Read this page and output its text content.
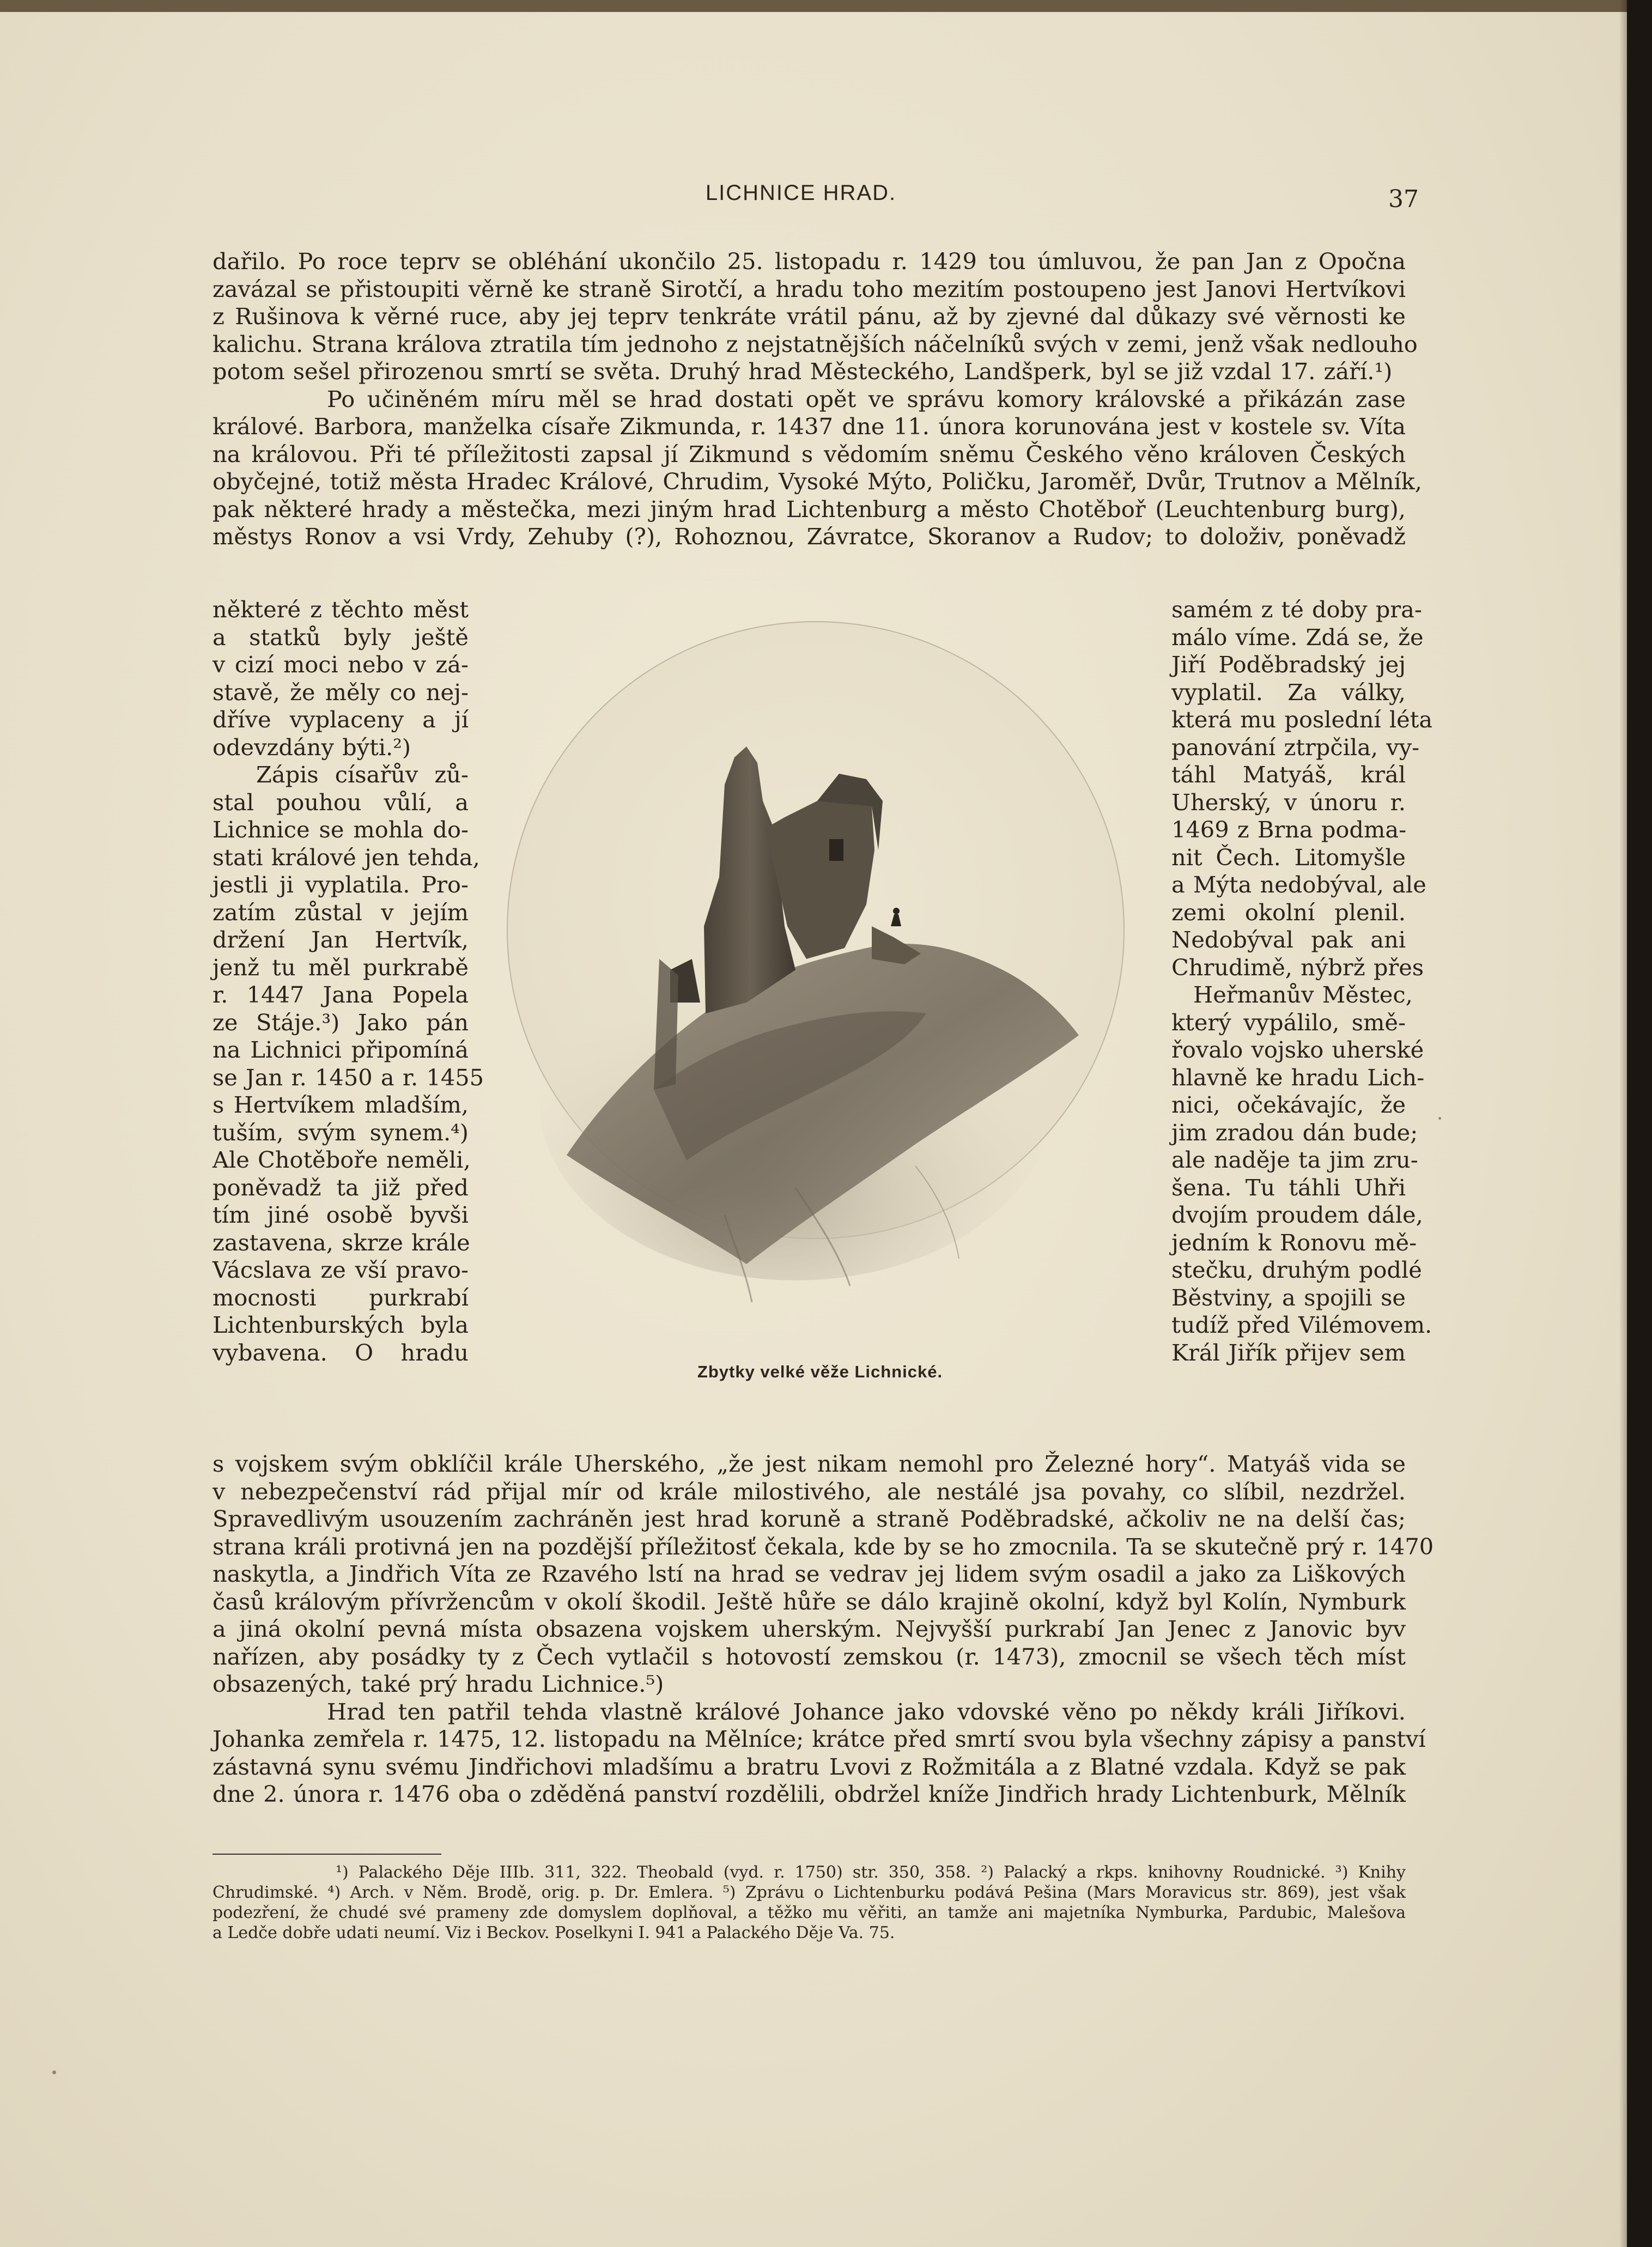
LICHNICE HRAD.	37
dařilo. Po roce teprv se obléhání ukončilo 25. listopadu r. 1429 tou úmluvou, že pan Jan z Opočna
zavázal se přistoupiti věrně ke straně Sirotčí, a hradu toho mezitím postoupeno jest Janovi Hertvíkovi
z Rušinova k věrné ruce, aby jej teprv tenkráte vrátil pánu, až by zjevné dal důkazy své věrnosti ke
kalichu. Strana králova ztratila tím jednoho z nejstatnějších náčelníků svých v zemi, jenž však nedlouho
potom sešel přirozenou smrtí se světa. Druhý hrad Městeckého, Landšperk, byl se již vzdal 17. září.¹)
Po učiněném míru měl se hrad dostati opět ve správu komory královské a přikázán zase
králové. Barbora, manželka císaře Zikmunda, r. 1437 dne 11. února korunována jest v kostele sv. Víta
na královou. Při té příležitosti zapsal jí Zikmund s vědomím sněmu Českého věno královen Českých
obyčejné, totiž města Hradec Králové, Chrudim, Vysoké Mýto, Poličku, Jaroměř, Dvůr, Trutnov a Mělník,
pak některé hrady a městečka, mezi jiným hrad Lichtenburg a město Chotěboř (Leuchtenburg burg),
městys Ronov a vsi Vrdy, Zehuby (?), Rohoznou, Závratce, Skoranov a Rudov; to doloživ, poněvadž
některé z těchto měst
a statků byly ještě
v cizí moci nebo v zá-
stavě, že měly co nej-
dříve vyplaceny a jí
odevzdány býti.²)
Zápis císařův zů-
stal pouhou vůlí, a
Lichnice se mohla do-
stati králové jen tehda,
jestli ji vyplatila. Pro-
zatím zůstal v jejím
držení Jan Hertvík,
jenž tu měl purkrabě
r. 1447 Jana Popela
ze Stáje.³) Jako pán
na Lichnici připomíná
se Jan r. 1450 a r. 1455
s Hertvíkem mladším,
tuším, svým synem.⁴)
Ale Chotěboře neměli,
poněvadž ta již před
tím jiné osobě byvši
zastavena, skrze krále
Vácslava ze vší pravo-
mocnosti purkrabí
Lichtenburských byla
vybavena. O hradu
Zbytky velké věže Lichnické.
samém z té doby pra-
málo víme. Zdá se, že
Jiří Poděbradský jej
vyplatil. Za války,
která mu poslední léta
panování ztrpčila, vy-
táhl Matyáš, král
Uherský, v únoru r.
1469 z Brna podma-
nit Čech. Litomyšle
a Mýta nedobýval, ale
zemi okolní plenil.
Nedobýval pak ani
Chrudimě, nýbrž přes
Heřmanův Městec,
který vypálilo, smě-
řovalo vojsko uherské
hlavně ke hradu Lich-
nici, očekávajíc, že
jim zradou dán bude;
ale naděje ta jim zru-
šena. Tu táhli Uhři
dvojím proudem dále,
jedním k Ronovu mě-
stečku, druhým podlé
Běstviny, a spojili se
tudíž před Vilémovem.
Král Jiřík přijev sem
s vojskem svým obklíčil krále Uherského, „že jest nikam nemohl pro Železné hory“. Matyáš vida se
v nebezpečenství rád přijal mír od krále milostivého, ale nestálé jsa povahy, co slíbil, nezdržel.
Spravedlivým usouzením zachráněn jest hrad koruně a straně Poděbradské, ačkoliv ne na delší čas;
strana králi protivná jen na pozdější příležitosť čekala, kde by se ho zmocnila. Ta se skutečně prý r. 1470
naskytla, a Jindřich Víta ze Rzavého lstí na hrad se vedrav jej lidem svým osadil a jako za Liškových
časů královým přívržencům v okolí škodil. Ještě hůře se dálo krajině okolní, když byl Kolín, Nymburk
a jiná okolní pevná místa obsazena vojskem uherským. Nejvyšší purkrabí Jan Jenec z Janovic byv
nařízen, aby posádky ty z Čech vytlačil s hotovostí zemskou (r. 1473), zmocnil se všech těch míst
obsazených, také prý hradu Lichnice.⁵)
Hrad ten patřil tehda vlastně králové Johance jako vdovské věno po někdy králi Jiříkovi.
Johanka zemřela r. 1475, 12. listopadu na Mělníce; krátce před smrtí svou byla všechny zápisy a panství
zástavná synu svému Jindřichovi mladšímu a bratru Lvovi z Rožmitála a z Blatné vzdala. Když se pak
dne 2. února r. 1476 oba o zděděná panství rozdělili, obdržel kníže Jindřich hrady Lichtenburk, Mělník
¹) Palackého Děje IIIb. 311, 322. Theobald (vyd. r. 1750) str. 350, 358. ²) Palacký a rkps. knihovny Roudnické. ³) Knihy
Chrudimské. ⁴) Arch. v Něm. Brodě, orig. p. Dr. Emlera. ⁵) Zprávu o Lichtenburku podává Pešina (Mars Moravicus str. 869), jest však
podezření, že chudé své prameny zde domyslem doplňoval, a těžko mu věřiti, an tamže ani majetníka Nymburka, Pardubic, Malešova
a Ledče dobře udati neumí. Viz i Beckov. Poselkyni I. 941 a Palackého Děje Va. 75.
